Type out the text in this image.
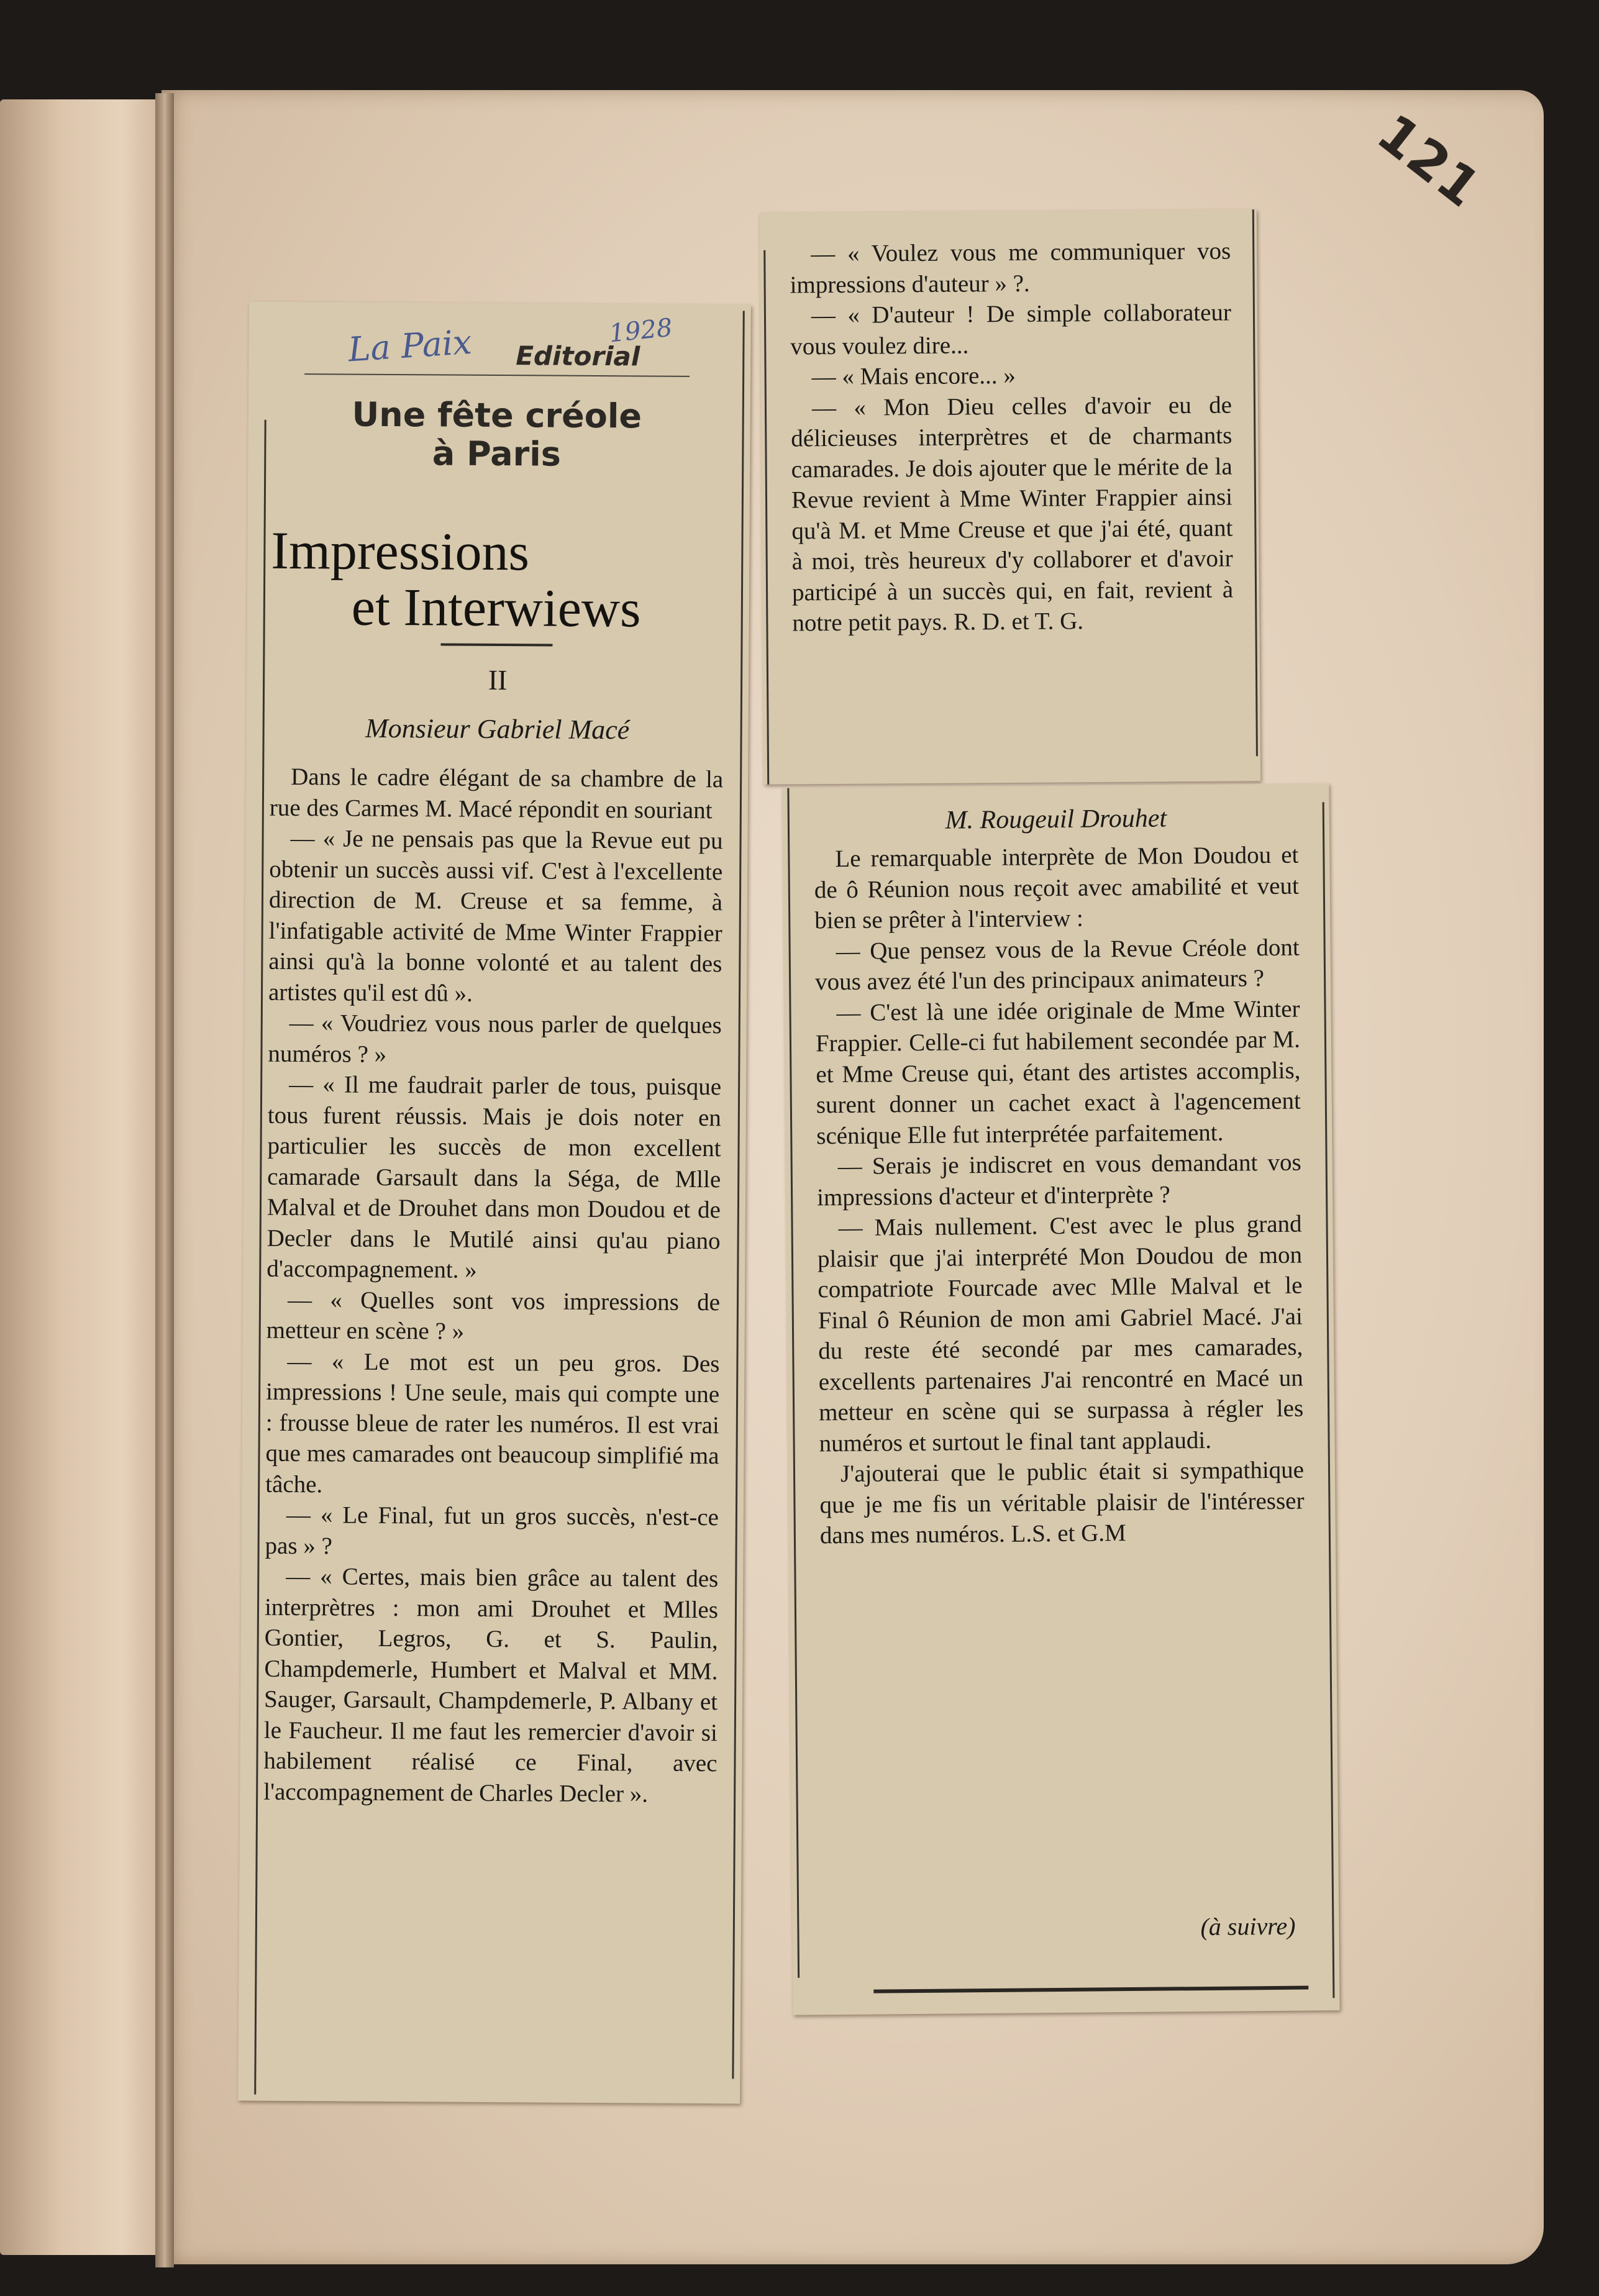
121
La Paix	1928
Editorial
Une fête créole
à Paris
Impressions
et Interwiews
II
Monsieur Gabriel Macé

Dans le cadre élégant de sa chambre de la rue des Carmes M. Macé répondit en souriant

— « Je ne pensais pas que la Revue eut pu obtenir un succès aussi vif. C'est à l'excellente direction de M. Creuse et sa femme, à l'infatigable activité de Mme Winter Frappier ainsi qu'à la bonne volonté et au talent des artistes qu'il est dû ».

— « Voudriez vous nous parler de quelques numéros ? »

— « Il me faudrait parler de tous, puisque tous furent réussis. Mais je dois noter en particulier les succès de mon excellent camarade Garsault dans la Séga, de Mlle Malval et de Drouhet dans mon Doudou et de Decler dans le Mutilé ainsi qu'au piano d'accompagnement. »

— « Quelles sont vos impressions de metteur en scène ? »

— « Le mot est un peu gros. Des impressions ! Une seule, mais qui compte une : frousse bleue de rater les numéros. Il est vrai que mes camarades ont beaucoup simplifié ma tâche.

— « Le Final, fut un gros succès, n'est-ce pas » ?

— « Certes, mais bien grâce au talent des interprètres : mon ami Drouhet et Mlles Gontier, Legros, G. et S. Paulin, Champdemerle, Humbert et Malval et MM. Sauger, Garsault, Champdemerle, P. Albany et le Faucheur. Il me faut les remercier d'avoir si habilement réalisé ce Final, avec l'accompagnement de Charles Decler ».

— « Voulez vous me communiquer vos impressions d'auteur » ?.

— « D'auteur ! De simple collaborateur vous voulez dire...

— « Mais encore... »

— « Mon Dieu celles d'avoir eu de délicieuses interprètres et de charmants camarades. Je dois ajouter que le mérite de la Revue revient à Mme Winter Frappier ainsi qu'à M. et Mme Creuse et que j'ai été, quant à moi, très heureux d'y collaborer et d'avoir participé à un succès qui, en fait, revient à notre petit pays. R. D. et T. G.

M. Rougeuil Drouhet

Le remarquable interprète de Mon Doudou et de ô Réunion nous reçoit avec amabilité et veut bien se prêter à l'interview :

— Que pensez vous de la Revue Créole dont vous avez été l'un des principaux animateurs ?

— C'est là une idée originale de Mme Winter Frappier. Celle-ci fut habilement secondée par M. et Mme Creuse qui, étant des artistes accomplis, surent donner un cachet exact à l'agencement scénique Elle fut interprétée parfaitement.

— Serais je indiscret en vous demandant vos impressions d'acteur et d'interprète ?

— Mais nullement. C'est avec le plus grand plaisir que j'ai interprété Mon Doudou de mon compatriote Fourcade avec Mlle Malval et le Final ô Réunion de mon ami Gabriel Macé. J'ai du reste été secondé par mes camarades, excellents partenaires J'ai rencontré en Macé un metteur en scène qui se surpassa à régler les numéros et surtout le final tant applaudi.

J'ajouterai que le public était si sympathique que je me fis un véritable plaisir de l'intéresser dans mes numéros. L.S. et G.M

(à suivre)
